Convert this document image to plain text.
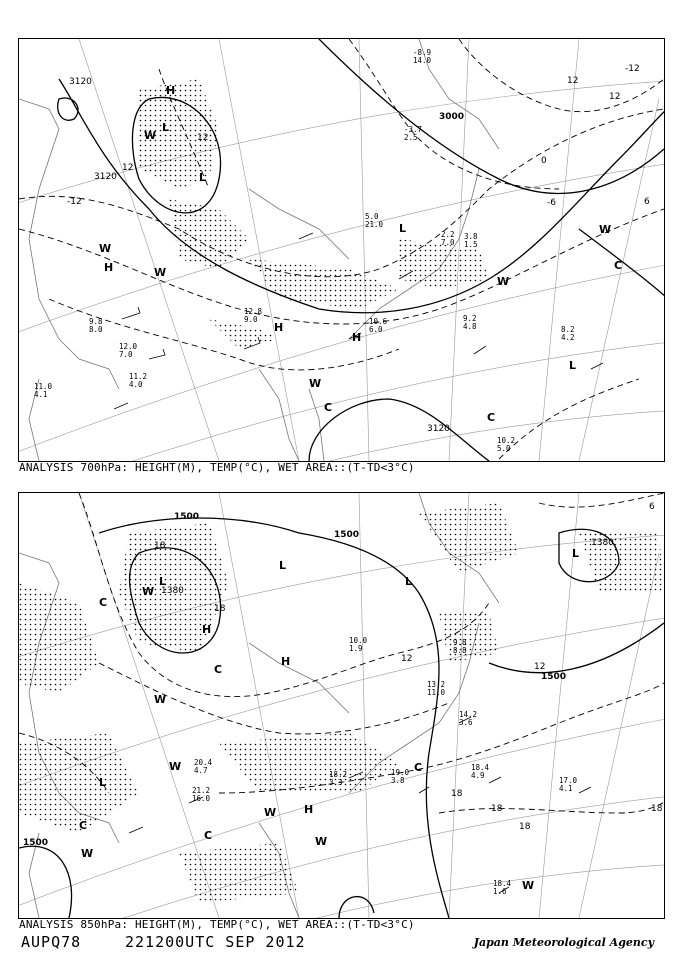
11.0
4.1
11.2
4.0
12.0
7.0
9.8
8.0
12.8
9.0	10.6
6.0
9.2
4.8	8.2
4.2
10.2
5.0
3.8
1.5
2.2
7.0
5.0
21.0
-3.7
2.5
-8.9
14.0
3120
3120
3000
3120
12
12
-12
0
-6
-12
12
6
12
H
H
H
H
L
L
L
L
W
W
W
W
W
W
C
C
C
ANALYSIS 700hPa: HEIGHT(M), TEMP(°C), WET AREA::(T-TD<3°C)
21.2
16.0
20.4
4.7	18.2
3.3
19.0
3.8
18.4
4.9
17.0
4.1
18.4
1.6
14.2
3.6
10.0
1.9
13.2
11.0
9.8
8.8
1500
1500
1500
1500
1380
1380
18
18
12
18
18
12
18
6
18
H
H
H
L
L
L
L
L
W
W
W
W
W
W
W
C
C
C
C
C
ANALYSIS 850hPa: HEIGHT(M), TEMP(°C), WET AREA::(T-TD<3°C)
AUPQ78	221200UTC SEP 2012	Japan Meteorological Agency
